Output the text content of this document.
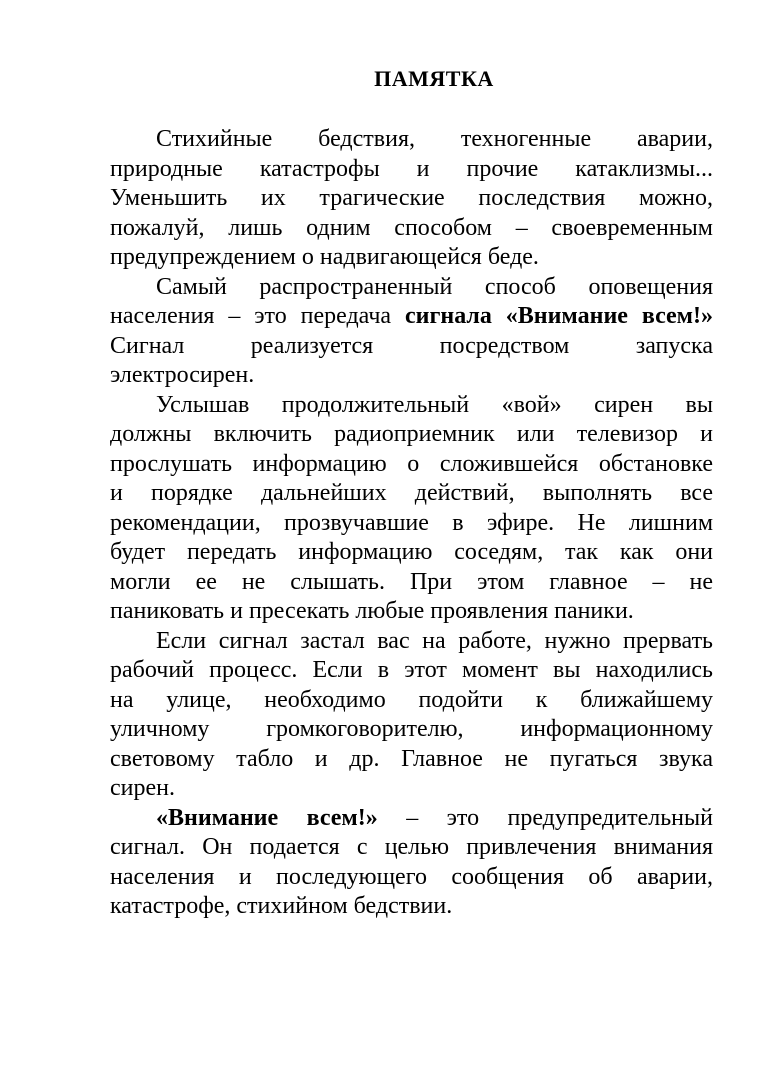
ПАМЯТКА
Стихийные бедствия, техногенные аварии,
природные катастрофы и прочие катаклизмы...
Уменьшить их трагические последствия можно,
пожалуй, лишь одним способом – своевременным
предупреждением о надвигающейся беде.
Самый распространенный способ оповещения
населения – это передача сигнала «Внимание всем!»
Сигнал реализуется посредством запуска
электросирен.
Услышав продолжительный «вой» сирен вы
должны включить радиоприемник или телевизор и
прослушать информацию о сложившейся обстановке
и порядке дальнейших действий, выполнять все
рекомендации, прозвучавшие в эфире. Не лишним
будет передать информацию соседям, так как они
могли ее не слышать. При этом главное – не
паниковать и пресекать любые проявления паники.
Если сигнал застал вас на работе, нужно прервать
рабочий процесс. Если в этот момент вы находились
на улице, необходимо подойти к ближайшему
уличному громкоговорителю, информационному
световому табло и др. Главное не пугаться звука
сирен.
«Внимание всем!» – это предупредительный
сигнал. Он подается с целью привлечения внимания
населения и последующего сообщения об аварии,
катастрофе, стихийном бедствии.
